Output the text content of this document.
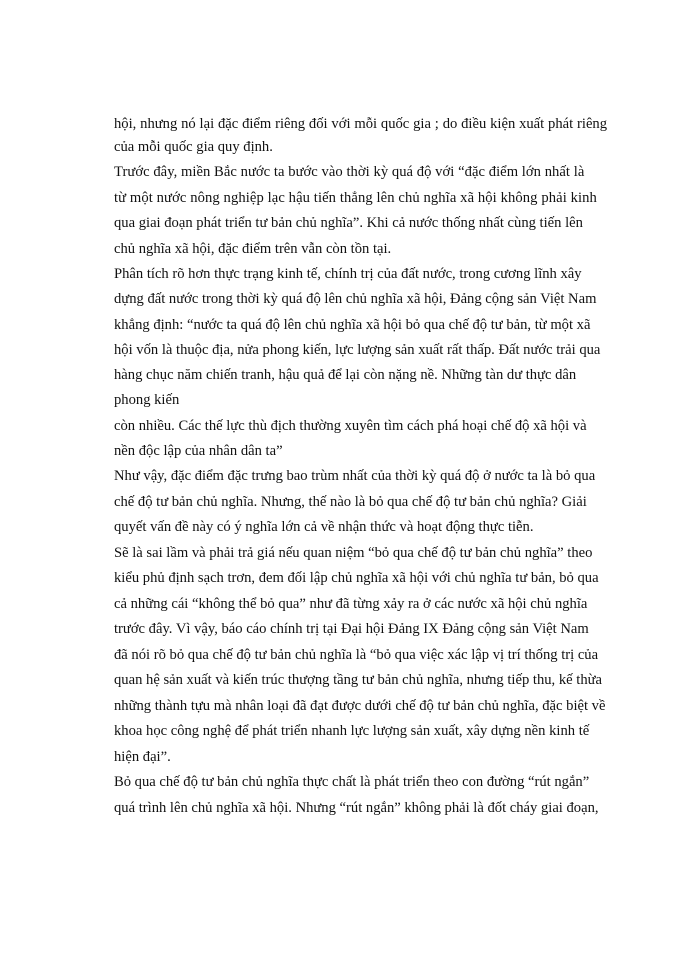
hội, nhưng nó lại đặc điểm riêng đối với mỗi quốc gia ; do điều kiện xuất phát riêng
của mỗi quốc gia quy định.
Trước đây, miền Bắc nước ta bước vào thời kỳ quá độ với “đặc điểm lớn nhất là
từ một nước nông nghiệp lạc hậu tiến thẳng lên chủ nghĩa xã hội không phải kinh
qua giai đoạn phát triển tư bản chủ nghĩa”. Khi cả nước thống nhất cùng tiến lên
chủ nghĩa xã hội, đặc điểm trên vẫn còn tồn tại.
Phân tích rõ hơn thực trạng kinh tế, chính trị của đất nước, trong cương lĩnh xây
dựng đất nước trong thời kỳ quá độ lên chủ nghĩa xã hội, Đảng cộng sản Việt Nam
khẳng định: “nước ta quá độ lên chủ nghĩa xã hội bỏ qua chế độ tư bản, từ một xã
hội vốn là thuộc địa, nửa phong kiến, lực lượng sản xuất rất thấp. Đất nước trải qua
hàng chục năm chiến tranh, hậu quả để lại còn nặng nề. Những tàn dư thực dân
phong kiến
còn nhiều. Các thế lực thù địch thường xuyên tìm cách phá hoại chế độ xã hội và
nền độc lập của nhân dân ta”
Như vậy, đặc điểm đặc trưng bao trùm nhất của thời kỳ quá độ ở nước ta là bỏ qua
chế độ tư bản chủ nghĩa. Nhưng, thế nào là bỏ qua chế độ tư bản chủ nghĩa? Giải
quyết vấn đề này có ý nghĩa lớn cả về nhận thức và hoạt động thực tiễn.
Sẽ là sai lầm và phải trả giá nếu quan niệm “bỏ qua chế độ tư bản chủ nghĩa” theo
kiểu phủ định sạch trơn, đem đối lập chủ nghĩa xã hội với chủ nghĩa tư bản, bỏ qua
cả những cái “không thể bỏ qua” như đã từng xảy ra ở các nước xã hội chủ nghĩa
trước đây. Vì vậy, báo cáo chính trị tại Đại hội Đảng IX Đảng cộng sản Việt Nam
đã nói rõ bỏ qua chế độ tư bản chủ nghĩa là “bỏ qua việc xác lập vị trí thống trị của
quan hệ sản xuất và kiến trúc thượng tầng tư bản chủ nghĩa, nhưng tiếp thu, kế thừa
những thành tựu mà nhân loại đã đạt được dưới chế độ tư bản chủ nghĩa, đặc biệt về
khoa học công nghệ để phát triển nhanh lực lượng sản xuất, xây dựng nền kinh tế
hiện đại”.
Bỏ qua chế độ tư bản chủ nghĩa thực chất là phát triển theo con đường “rút ngắn”
quá trình lên chủ nghĩa xã hội. Nhưng “rút ngắn” không phải là đốt cháy giai đoạn,
